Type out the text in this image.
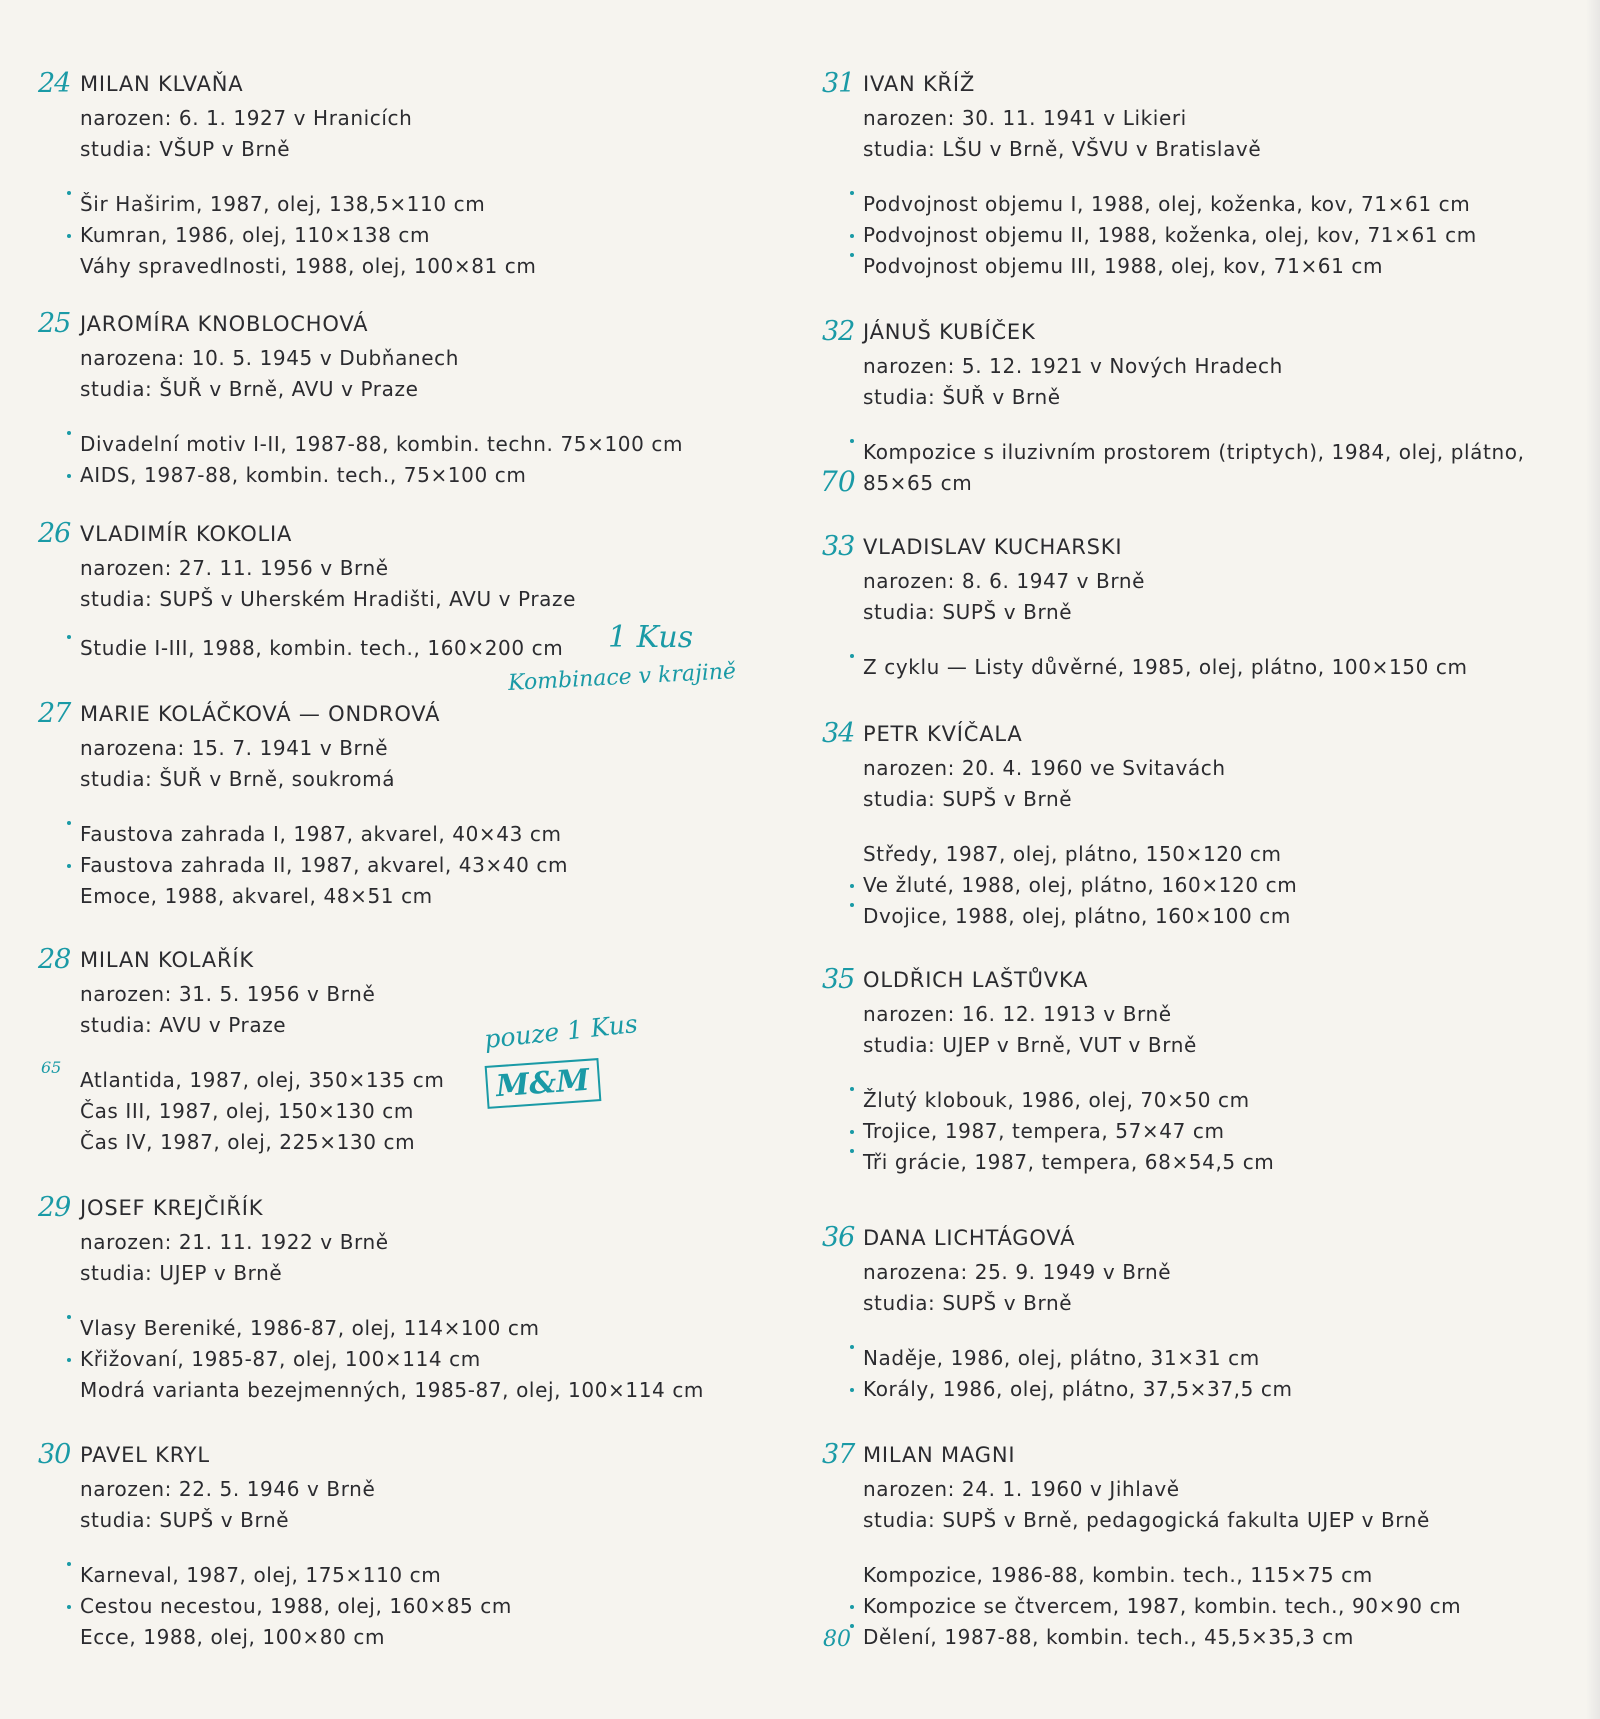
24 MILAN KLVAŇA
narozen: 6. 1. 1927 v Hranicích
studia: VŠUP v Brně
Šir Haširim, 1987, olej, 138,5×110 cm
Kumran, 1986, olej, 110×138 cm
Váhy spravedlnosti, 1988, olej, 100×81 cm
25 JAROMÍRA KNOBLOCHOVÁ
narozena: 10. 5. 1945 v Dubňanech
studia: ŠUŘ v Brně, AVU v Praze
Divadelní motiv I-II, 1987-88, kombin. techn. 75×100 cm
AIDS, 1987-88, kombin. tech., 75×100 cm
26 VLADIMÍR KOKOLIA
narozen: 27. 11. 1956 v Brně
studia: SUPŠ v Uherském Hradišti, AVU v Praze
Studie I-III, 1988, kombin. tech., 160×200 cm
27 MARIE KOLÁČKOVÁ — ONDROVÁ
narozena: 15. 7. 1941 v Brně
studia: ŠUŘ v Brně, soukromá
Faustova zahrada I, 1987, akvarel, 40×43 cm
Faustova zahrada II, 1987, akvarel, 43×40 cm
Emoce, 1988, akvarel, 48×51 cm
28 MILAN KOLAŘÍK
narozen: 31. 5. 1956 v Brně
studia: AVU v Praze
Atlantida, 1987, olej, 350×135 cm
Čas III, 1987, olej, 150×130 cm
Čas IV, 1987, olej, 225×130 cm
29 JOSEF KREJČIŘÍK
narozen: 21. 11. 1922 v Brně
studia: UJEP v Brně
Vlasy Bereniké, 1986-87, olej, 114×100 cm
Křižovaní, 1985-87, olej, 100×114 cm
Modrá varianta bezejmenných, 1985-87, olej, 100×114 cm
30 PAVEL KRYL
narozen: 22. 5. 1946 v Brně
studia: SUPŠ v Brně
Karneval, 1987, olej, 175×110 cm
Cestou necestou, 1988, olej, 160×85 cm
Ecce, 1988, olej, 100×80 cm
31 IVAN KŘÍŽ
narozen: 30. 11. 1941 v Likieri
studia: LŠU v Brně, VŠVU v Bratislavě
Podvojnost objemu I, 1988, olej, koženka, kov, 71×61 cm
Podvojnost objemu II, 1988, koženka, olej, kov, 71×61 cm
Podvojnost objemu III, 1988, olej, kov, 71×61 cm
32 JÁNUŠ KUBÍČEK
narozen: 5. 12. 1921 v Nových Hradech
studia: ŠUŘ v Brně
Kompozice s iluzivním prostorem (triptych), 1984, olej, plátno,
85×65 cm
33 VLADISLAV KUCHARSKI
narozen: 8. 6. 1947 v Brně
studia: SUPŠ v Brně
Z cyklu — Listy důvěrné, 1985, olej, plátno, 100×150 cm
34 PETR KVÍČALA
narozen: 20. 4. 1960 ve Svitavách
studia: SUPŠ v Brně
Středy, 1987, olej, plátno, 150×120 cm
Ve žluté, 1988, olej, plátno, 160×120 cm
Dvojice, 1988, olej, plátno, 160×100 cm
35 OLDŘICH LAŠTŮVKA
narozen: 16. 12. 1913 v Brně
studia: UJEP v Brně, VUT v Brně
Žlutý klobouk, 1986, olej, 70×50 cm
Trojice, 1987, tempera, 57×47 cm
Tři grácie, 1987, tempera, 68×54,5 cm
36 DANA LICHTÁGOVÁ
narozena: 25. 9. 1949 v Brně
studia: SUPŠ v Brně
Naděje, 1986, olej, plátno, 31×31 cm
Korály, 1986, olej, plátno, 37,5×37,5 cm
37 MILAN MAGNI
narozen: 24. 1. 1960 v Jihlavě
studia: SUPŠ v Brně, pedagogická fakulta UJEP v Brně
Kompozice, 1986-88, kombin. tech., 115×75 cm
Kompozice se čtvercem, 1987, kombin. tech., 90×90 cm
Dělení, 1987-88, kombin. tech., 45,5×35,3 cm
1 Kus
Kombinace v krajině
pouze 1 Kus
M&M
65
70
80
